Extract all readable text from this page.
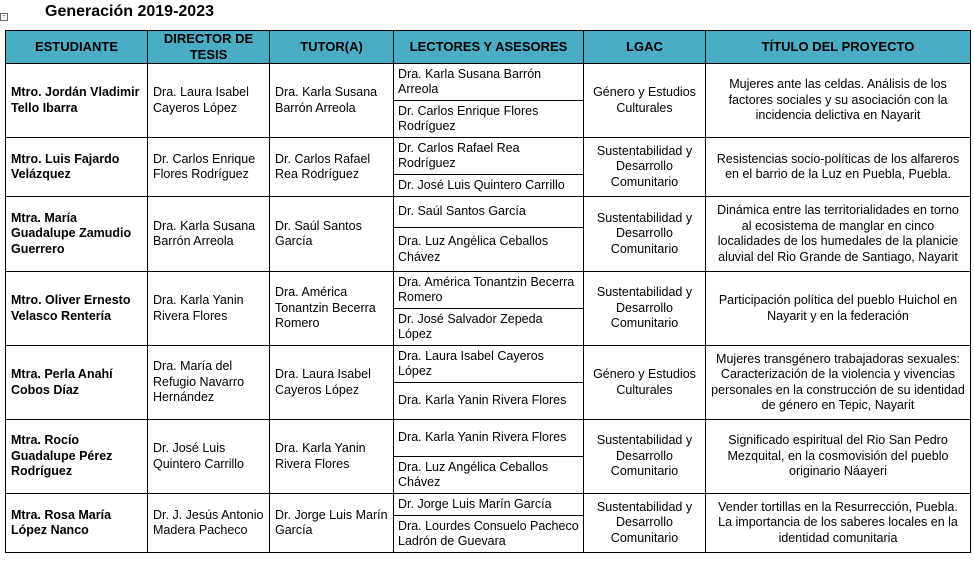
+ Generación 2019-2023
ESTUDIANTE	DIRECTOR DE TESIS	TUTOR(A)	LECTORES Y ASESORES	LGAC	TÍTULO DEL PROYECTO
Mtro. Jordán Vladimir Tello Ibarra	Dra. Laura Isabel Cayeros López	Dra. Karla Susana Barrón Arreola	Dra. Karla Susana Barrón Arreola	Género y Estudios Culturales	Mujeres ante las celdas. Análisis de los factores sociales y su asociación con la incidencia delictiva en Nayarit
			Dr. Carlos Enrique Flores Rodríguez		
Mtro. Luis Fajardo Velázquez	Dr. Carlos Enrique Flores Rodríguez	Dr. Carlos Rafael Rea Rodríguez	Dr. Carlos Rafael Rea Rodríguez	Sustentabilidad y Desarrollo Comunitario	Resistencias socio-políticas de los alfareros en el barrio de la Luz en Puebla, Puebla.
			Dr. José Luis Quintero Carrillo		
Mtra. María Guadalupe Zamudio Guerrero	Dra. Karla Susana Barrón Arreola	Dr. Saúl Santos García	Dr. Saúl Santos García	Sustentabilidad y Desarrollo Comunitario	Dinámica entre las territorialidades en torno al ecosistema de manglar en cinco localidades de los humedales de la planicie aluvial del Rio Grande de Santiago, Nayarit
			Dra. Luz Angélica Ceballos Chávez		
Mtro. Oliver Ernesto Velasco Rentería	Dra. Karla Yanin Rivera Flores	Dra. América Tonantzin Becerra Romero	Dra. América Tonantzin Becerra Romero	Sustentabilidad y Desarrollo Comunitario	Participación política del pueblo Huichol en Nayarit y en la federación
			Dr. José Salvador Zepeda López		
Mtra. Perla Anahí Cobos Díaz	Dra. María del Refugio Navarro Hernández	Dra. Laura Isabel Cayeros López	Dra. Laura Isabel Cayeros López	Género y Estudios Culturales	Mujeres transgénero trabajadoras sexuales: Caracterización de la violencia y vivencias personales en la construcción de su identidad de género en Tepic, Nayarit
			Dra. Karla Yanin Rivera Flores		
Mtra. Rocío Guadalupe Pérez Rodríguez	Dr. José Luis Quintero Carrillo	Dra. Karla Yanin Rivera Flores	Dra. Karla Yanin Rivera Flores	Sustentabilidad y Desarrollo Comunitario	Significado espiritual del Rio San Pedro Mezquital, en la cosmovisión del pueblo originario Náayeri
			Dra. Luz Angélica Ceballos Chávez		
Mtra. Rosa María López Nanco	Dr. J. Jesús Antonio Madera Pacheco	Dr. Jorge Luis Marín García	Dr. Jorge Luis Marín García	Sustentabilidad y Desarrollo Comunitario	Vender tortillas en la Resurrección, Puebla. La importancia de los saberes locales en la identidad comunitaria
			Dra. Lourdes Consuelo Pacheco Ladrón de Guevara		
